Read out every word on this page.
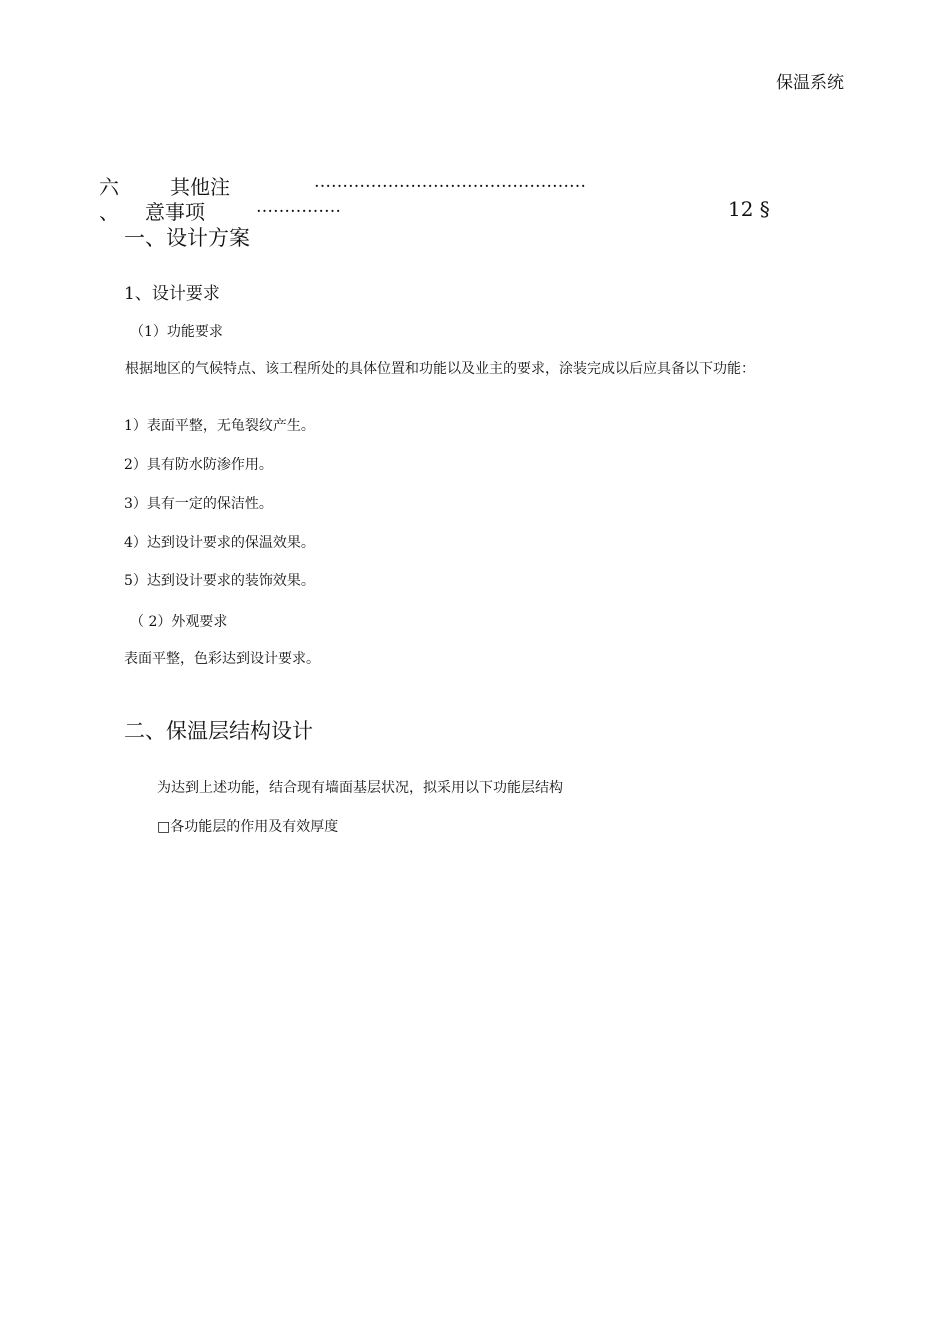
保温系统
六	其他注	…………………………………………
、 意事项	……………	12 §
一、设计方案
1、设计要求
（1）功能要求
根据地区的气候特点、该工程所处的具体位置和功能以及业主的要求，涂装完成以后应具备以下功能：
1）表面平整，无龟裂纹产生。
2）具有防水防渗作用。
3）具有一定的保洁性。
4）达到设计要求的保温效果。
5）达到设计要求的装饰效果。
（ 2）外观要求
表面平整，色彩达到设计要求。
二、保温层结构设计
为达到上述功能，结合现有墙面基层状况，拟采用以下功能层结构
□各功能层的作用及有效厚度
